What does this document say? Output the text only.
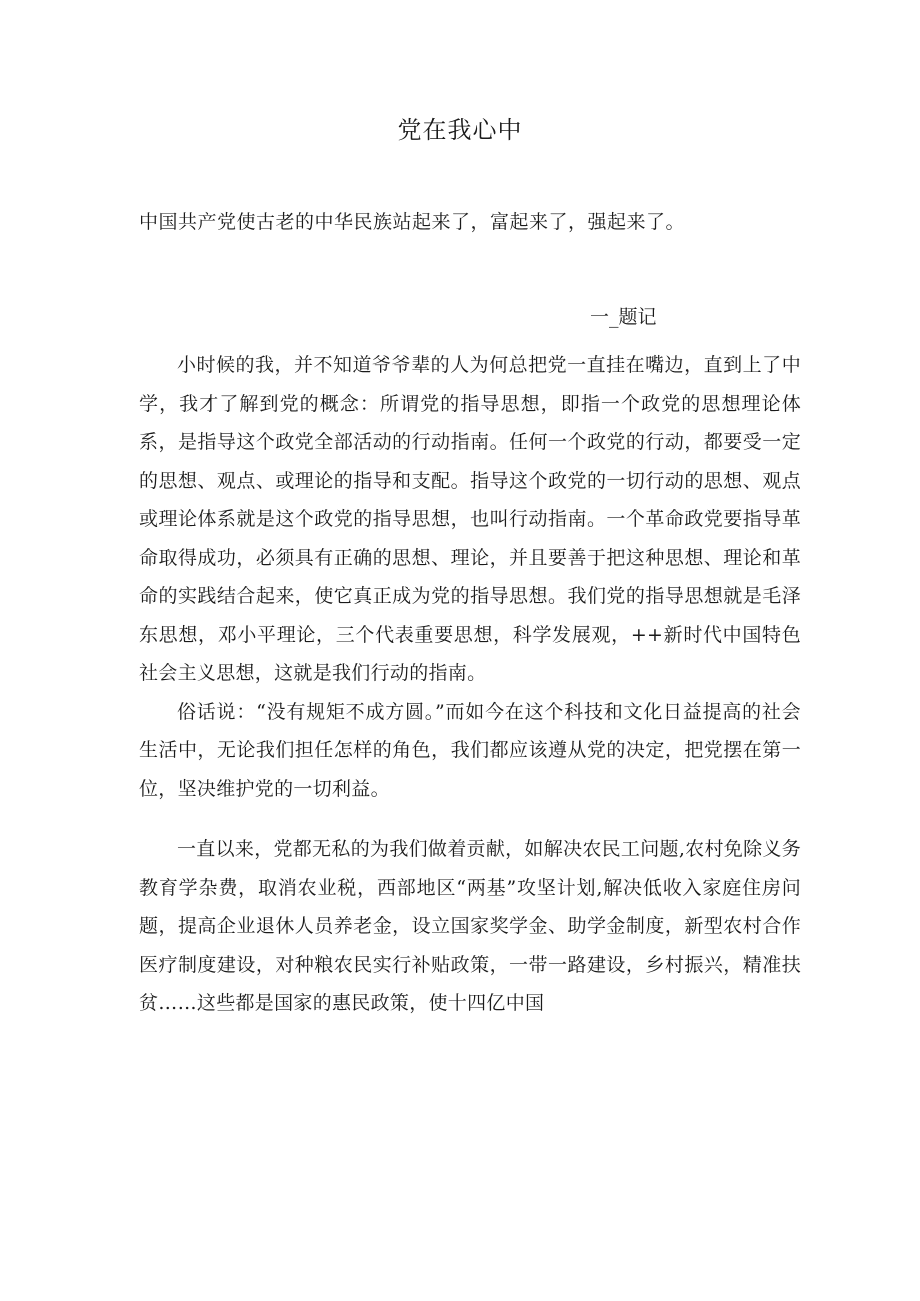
党在我心中
中国共产党使古老的中华民族站起来了，富起来了，强起来了。
一_题记

小时候的我，并不知道爷爷辈的人为何总把党一直挂在嘴边，直到上了中学，我才了解到党的概念：所谓党的指导思想，即指一个政党的思想理论体系，是指导这个政党全部活动的行动指南。任何一个政党的行动，都要受一定的思想、观点、或理论的指导和支配。指导这个政党的一切行动的思想、观点或理论体系就是这个政党的指导思想，也叫行动指南。一个革命政党要指导革命取得成功，必须具有正确的思想、理论，并且要善于把这种思想、理论和革命的实践结合起来，使它真正成为党的指导思想。我们党的指导思想就是毛泽东思想，邓小平理论，三个代表重要思想，科学发展观，++新时代中国特色社会主义思想，这就是我们行动的指南。

俗话说：“没有规矩不成方圆。”而如今在这个科技和文化日益提高的社会生活中，无论我们担任怎样的角色，我们都应该遵从党的决定，把党摆在第一位，坚决维护党的一切利益。

一直以来，党都无私的为我们做着贡献，如解决农民工问题,农村免除义务教育学杂费，取消农业税，西部地区“两基”攻坚计划,解决低收入家庭住房问题，提高企业退休人员养老金，设立国家奖学金、助学金制度，新型农村合作医疗制度建设，对种粮农民实行补贴政策，一带一路建设，乡村振兴，精准扶贫……这些都是国家的惠民政策，使十四亿中国
